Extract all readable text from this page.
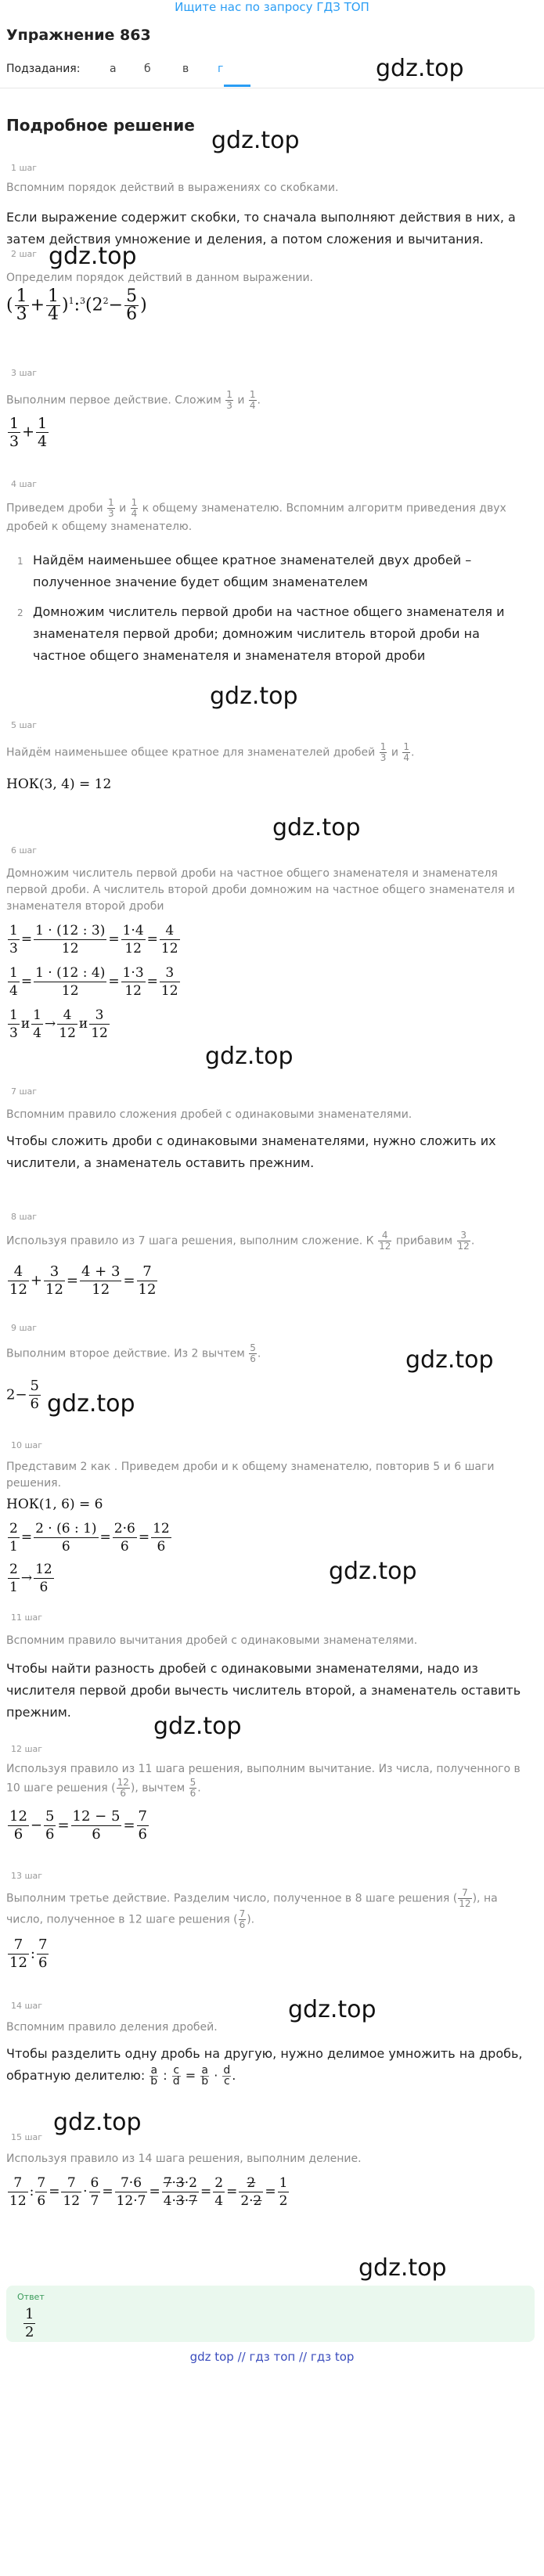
Ищите нас по запросу ГДЗ ТОП
Упражнение 863
Подзадания:	а	б	в	г	gdz.top
Подробное решение
gdz.top
1 шаг
Вспомним порядок действий в выражениях со скобками.
Если выражение содержит скобки, то сначала выполняют действия в них, а затем действия умножение и деления, а потом сложения и вычитания.
2 шаг gdz.top
Определим порядок действий в данном выражении.
( $\frac{1}{3} + \frac{1}{4}$ )$^1:^3(2^2- \frac{5}{6}$ )
3 шаг
Выполним первое действие. Сложим $\frac{1}{3}$ и $\frac{1}{4}$ .
$\frac{1}{3} + \frac{1}{4}$
4 шаг
Приведем дроби $\frac{1}{3}$ и $\frac{1}{4}$ к общему знаменателю. Вспомним алгоритм приведения двух дробей к общему знаменателю.
1 Найдём наименьшее общее кратное знаменателей двух дробей – полученное значение будет общим знаменателем
2 Домножим числитель первой дроби на частное общего знаменателя и знаменателя первой дроби; домножим числитель второй дроби на частное общего знаменателя и знаменателя второй дроби
gdz.top
5 шаг
Найдём наименьшее общее кратное для знаменателей дробей $\frac{1}{3}$ и $\frac{1}{4}$ .
НОК(3, 4) = 12
gdz.top
6 шаг
Домножим числитель первой дроби на частное общего знаменателя и знаменателя первой дроби. А числитель второй дроби домножим на частное общего знаменателя и знаменателя второй дроби
$\frac{1}{3} = \frac{1 \cdot (12 : 3)}{12} = \frac{1\cdot 4}{12} = \frac{4}{12}$
$\frac{1}{4} = \frac{1 \cdot (12 : 4)}{12} = \frac{1\cdot 3}{12} = \frac{3}{12}$
$\frac{1}{3}$ и $\frac{1}{4} \to \frac{4}{12}$ и $\frac{3}{12}$
gdz.top
7 шаг
Вспомним правило сложения дробей с одинаковыми знаменателями.
Чтобы сложить дроби с одинаковыми знаменателями, нужно сложить их числители, а знаменатель оставить прежним.
8 шаг
Используя правило из 7 шага решения, выполним сложение. К $\frac{4}{12}$ прибавим $\frac{3}{12}$ .
$\frac{4}{12} + \frac{3}{12} = \frac{4 + 3}{12} = \frac{7}{12}$
9 шаг
Выполним второе действие. Из 2 вычтем $\frac{5}{6}$ .	gdz.top
$2- \frac{5}{6} gdz.top$
10 шаг
Представим 2 как . Приведем дроби и к общему знаменателю, повторив 5 и 6 шаги решения.
НОК(1, 6) = 6
$\frac{2}{1} = \frac{2 \cdot (6 : 1)}{6} = \frac{2\cdot 6}{6} = \frac{12}{6}$
$\frac{2}{1} \to \frac{12}{6}$	gdz.top
11 шаг
Вспомним правило вычитания дробей с одинаковыми знаменателями.
Чтобы найти разность дробей с одинаковыми знаменателями, надо из числителя первой дроби вычесть числитель второй, а знаменатель оставить прежним.
gdz.top
12 шаг
Используя правило из 11 шага решения, выполним вычитание. Из числа, полученного в 10 шаге решения ( $\frac{12}{6}$ ), вычтем $\frac{5}{6}$ .
$\frac{12}{6} - \frac{5}{6} = \frac{12 - 5}{6} = \frac{7}{6}$
13 шаг
Выполним третье действие. Разделим число, полученное в 8 шаге решения ( $\frac{7}{12}$ ), на число, полученное в 12 шаге решения ( $\frac{7}{6}$ ).
$\frac{7}{12}$ : $\frac{7}{6}$
14 шаг	gdz.top
Вспомним правило деления дробей.
Чтобы разделить одну дробь на другую, нужно делимое умножить на дробь, обратную делителю: $\frac{a}{b}$ : $\frac{c}{d} = \frac{a}{b} \cdot \frac{d}{c}$ .
gdz.top
15 шаг
Используя правило из 14 шага решения, выполним деление.
$\frac{7}{12}$ : $\frac{7}{6} = \frac{7}{12} \cdot \frac{6}{7} = \frac{7\cdot 6}{12\cdot 7} = \frac{7\cdot 3\cdot 2}{4\cdot 3\cdot 7} = \frac{2}{4} = \frac{2}{2\cdot 2} = \frac{1}{2}$
gdz.top
Ответ
$\frac{1}{2}$
gdz top // гдз топ // гдз top
